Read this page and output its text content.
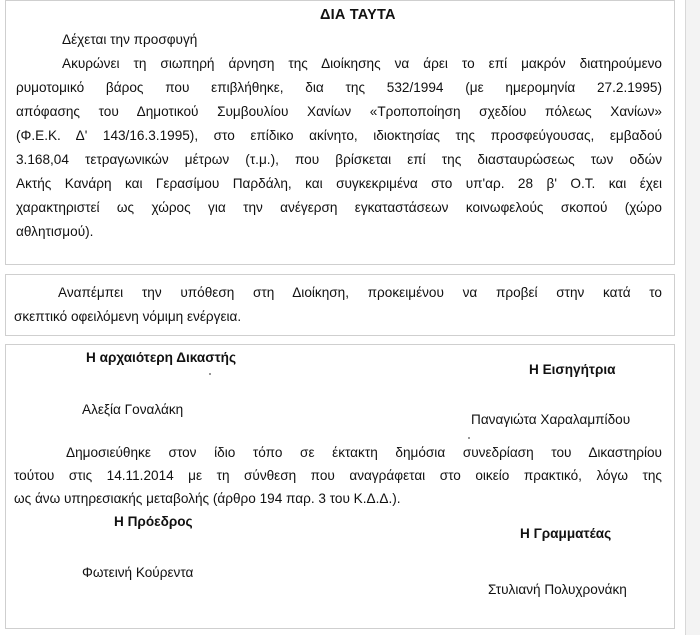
ΔΙΑ ΤΑΥΤΑ
Δέχεται την προσφυγή
Ακυρώνει τη σιωπηρή άρνηση της Διοίκησης να άρει το επί μακρόν διατηρούμενο
ρυμοτομικό βάρος που επιβλήθηκε, δια της 532/1994 (με ημερομηνία 27.2.1995)
απόφασης του Δημοτικού Συμβουλίου Χανίων «Τροποποίηση σχεδίου πόλεως Χανίων»
(Φ.Ε.Κ. Δ' 143/16.3.1995), στο επίδικο ακίνητο, ιδιοκτησίας της προσφεύγουσας, εμβαδού
3.168,04 τετραγωνικών μέτρων (τ.μ.), που βρίσκεται επί της διασταυρώσεως των οδών
Ακτής Κανάρη και Γερασίμου Παρδάλη, και συγκεκριμένα στο υπ'αρ. 28 β' Ο.Τ. και έχει
χαρακτηριστεί ως χώρος για την ανέγερση εγκαταστάσεων κοινωφελούς σκοπού (χώρο
αθλητισμού).
Αναπέμπει την υπόθεση στη Διοίκηση, προκειμένου να προβεί στην κατά το
σκεπτικό οφειλόμενη νόμιμη ενέργεια.
Η αρχαιότερη Δικαστής
Η Εισηγήτρια
Αλεξία Γοναλάκη
Παναγιώτα Χαραλαμπίδου
Δημοσιεύθηκε στον ίδιο τόπο σε έκτακτη δημόσια συνεδρίαση του Δικαστηρίου
τούτου στις 14.11.2014 με τη σύνθεση που αναγράφεται στο οικείο πρακτικό, λόγω της
ως άνω υπηρεσιακής μεταβολής (άρθρο 194 παρ. 3 του Κ.Δ.Δ.).
Η Πρόεδρος
Η Γραμματέας
Φωτεινή Κούρεντα
Στυλιανή Πολυχρονάκη
